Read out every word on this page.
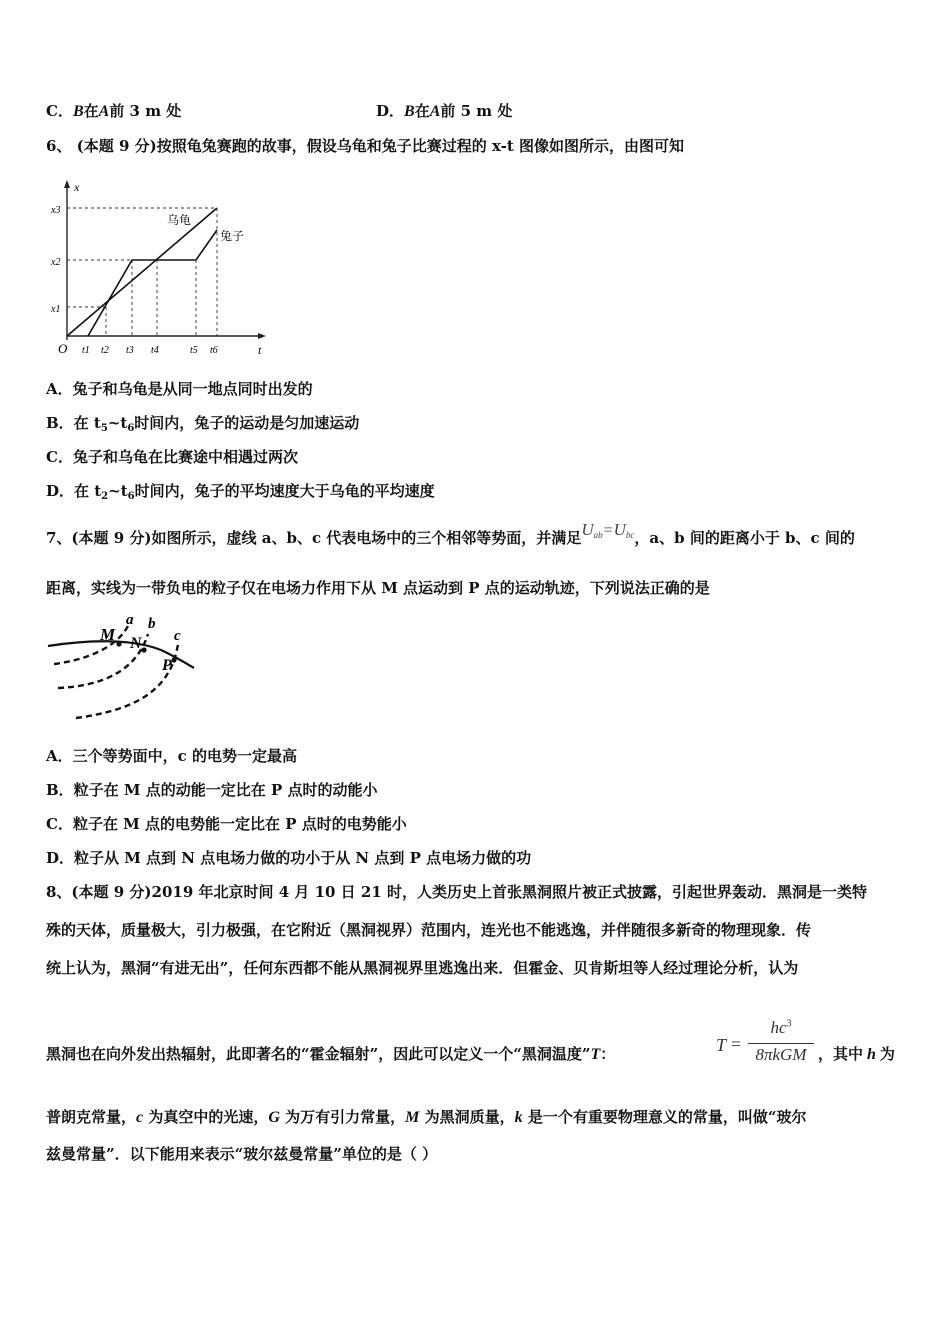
C．B在A前 3 m 处	D．B在A前 5 m 处
6、 (本题 9 分)按照龟兔赛跑的故事，假设乌龟和兔子比赛过程的 x-t 图像如图所示，由图可知
x
t
O
x3
x2
x1
t1 t2 t3 t4	t5 t6
乌龟
兔子
A．兔子和乌龟是从同一地点同时出发的
B．在 $t_5\sim t_6$时间内，兔子的运动是匀加速运动
C．兔子和乌龟在比赛途中相遇过两次
D．在 $t_2\sim t_6$时间内，兔子的平均速度大于乌龟的平均速度
7、(本题 9 分)如图所示，虚线 a、b、c 代表电场中的三个相邻等势面，并满足$U_{ab}=U_{bc}$，a、b 间的距离小于 b、c 间的
距离，实线为一带负电的粒子仅在电场力作用下从 M 点运动到 P 点的运动轨迹，下列说法正确的是
M N
P
a b
c
A．三个等势面中，c 的电势一定最高
B．粒子在 M 点的动能一定比在 P 点时的动能小
C．粒子在 M 点的电势能一定比在 P 点时的电势能小
D．粒子从 M 点到 N 点电场力做的功小于从 N 点到 P 点电场力做的功
8、(本题 9 分)2019 年北京时间 4 月 10 日 21 时，人类历史上首张黑洞照片被正式披露，引起世界轰动．黑洞是一类特
殊的天体，质量极大，引力极强，在它附近（黑洞视界）范围内，连光也不能逃逸，并伴随很多新奇的物理现象．传
统上认为，黑洞“有进无出”，任何东西都不能从黑洞视界里逃逸出来．但霍金、贝肯斯坦等人经过理论分析，认为
黑洞也在向外发出热辐射，此即著名的“霍金辐射”，因此可以定义一个“黑洞温度”T：	T =
$hc^3$
8πkGM ，其中 h 为
普朗克常量，c 为真空中的光速，G 为万有引力常量，M 为黑洞质量，k 是一个有重要物理意义的常量，叫做“玻尔
兹曼常量”．以下能用来表示“玻尔兹曼常量”单位的是（ ）
